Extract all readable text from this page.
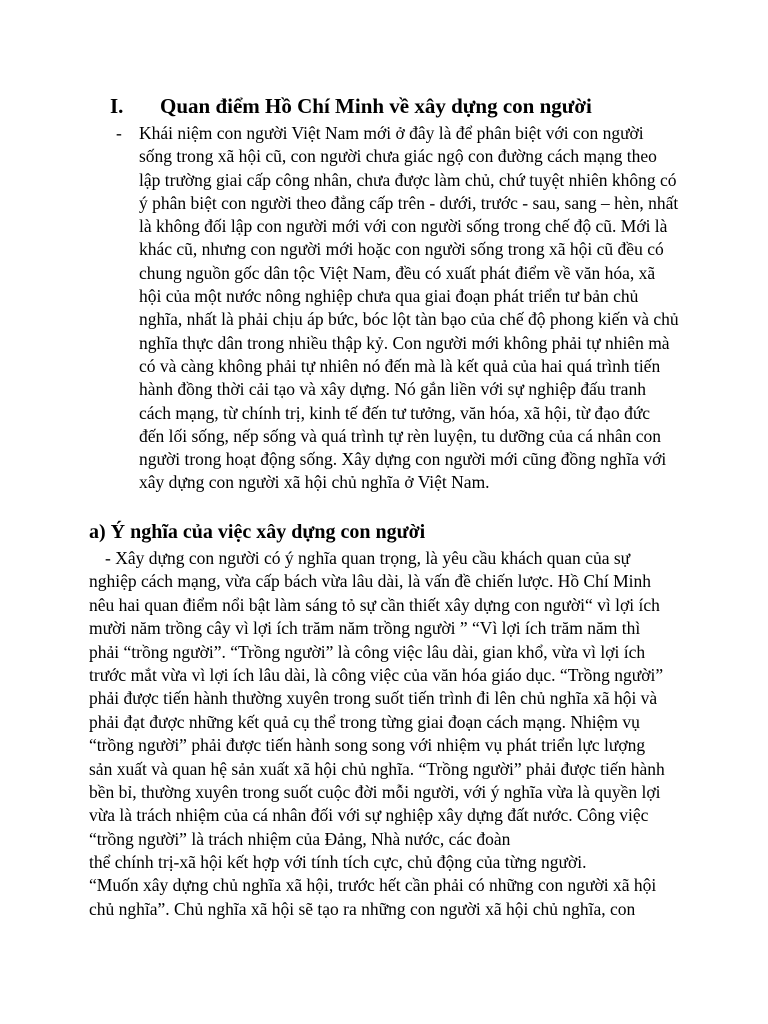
I. Quan điểm Hồ Chí Minh về xây dựng con người
- Khái niệm con người Việt Nam mới ở đây là để phân biệt với con người
sống trong xã hội cũ, con người chưa giác ngộ con đường cách mạng theo
lập trường giai cấp công nhân, chưa được làm chủ, chứ tuyệt nhiên không có
ý phân biệt con người theo đẳng cấp trên - dưới, trước - sau, sang – hèn, nhất
là không đối lập con người mới với con người sống trong chế độ cũ. Mới là
khác cũ, nhưng con người mới hoặc con người sống trong xã hội cũ đều có
chung nguồn gốc dân tộc Việt Nam, đều có xuất phát điểm về văn hóa, xã
hội của một nước nông nghiệp chưa qua giai đoạn phát triển tư bản chủ
nghĩa, nhất là phải chịu áp bức, bóc lột tàn bạo của chế độ phong kiến và chủ
nghĩa thực dân trong nhiều thập kỷ. Con người mới không phải tự nhiên mà
có và càng không phải tự nhiên nó đến mà là kết quả của hai quá trình tiến
hành đồng thời cải tạo và xây dựng. Nó gắn liền với sự nghiệp đấu tranh
cách mạng, từ chính trị, kinh tế đến tư tưởng, văn hóa, xã hội, từ đạo đức
đến lối sống, nếp sống và quá trình tự rèn luyện, tu dưỡng của cá nhân con
người trong hoạt động sống. Xây dựng con người mới cũng đồng nghĩa với
xây dựng con người xã hội chủ nghĩa ở Việt Nam.
a) Ý nghĩa của việc xây dựng con người
- Xây dựng con người có ý nghĩa quan trọng, là yêu cầu khách quan của sự
nghiệp cách mạng, vừa cấp bách vừa lâu dài, là vấn đề chiến lược. Hồ Chí Minh
nêu hai quan điểm nổi bật làm sáng tỏ sự cần thiết xây dựng con người“ vì lợi ích
mười năm trồng cây vì lợi ích trăm năm trồng người ” “Vì lợi ích trăm năm thì
phải “trồng người”. “Trồng người” là công việc lâu dài, gian khổ, vừa vì lợi ích
trước mắt vừa vì lợi ích lâu dài, là công việc của văn hóa giáo dục. “Trồng người”
phải được tiến hành thường xuyên trong suốt tiến trình đi lên chủ nghĩa xã hội và
phải đạt được những kết quả cụ thể trong từng giai đoạn cách mạng. Nhiệm vụ
“trồng người” phải được tiến hành song song với nhiệm vụ phát triển lực lượng
sản xuất và quan hệ sản xuất xã hội chủ nghĩa. “Trồng người” phải được tiến hành
bền bỉ, thường xuyên trong suốt cuộc đời mỗi người, với ý nghĩa vừa là quyền lợi
vừa là trách nhiệm của cá nhân đối với sự nghiệp xây dựng đất nước. Công việc
“trồng người” là trách nhiệm của Đảng, Nhà nước, các đoàn
thể chính trị-xã hội kết hợp với tính tích cực, chủ động của từng người.
“Muốn xây dựng chủ nghĩa xã hội, trước hết cần phải có những con người xã hội
chủ nghĩa”. Chủ nghĩa xã hội sẽ tạo ra những con người xã hội chủ nghĩa, con
